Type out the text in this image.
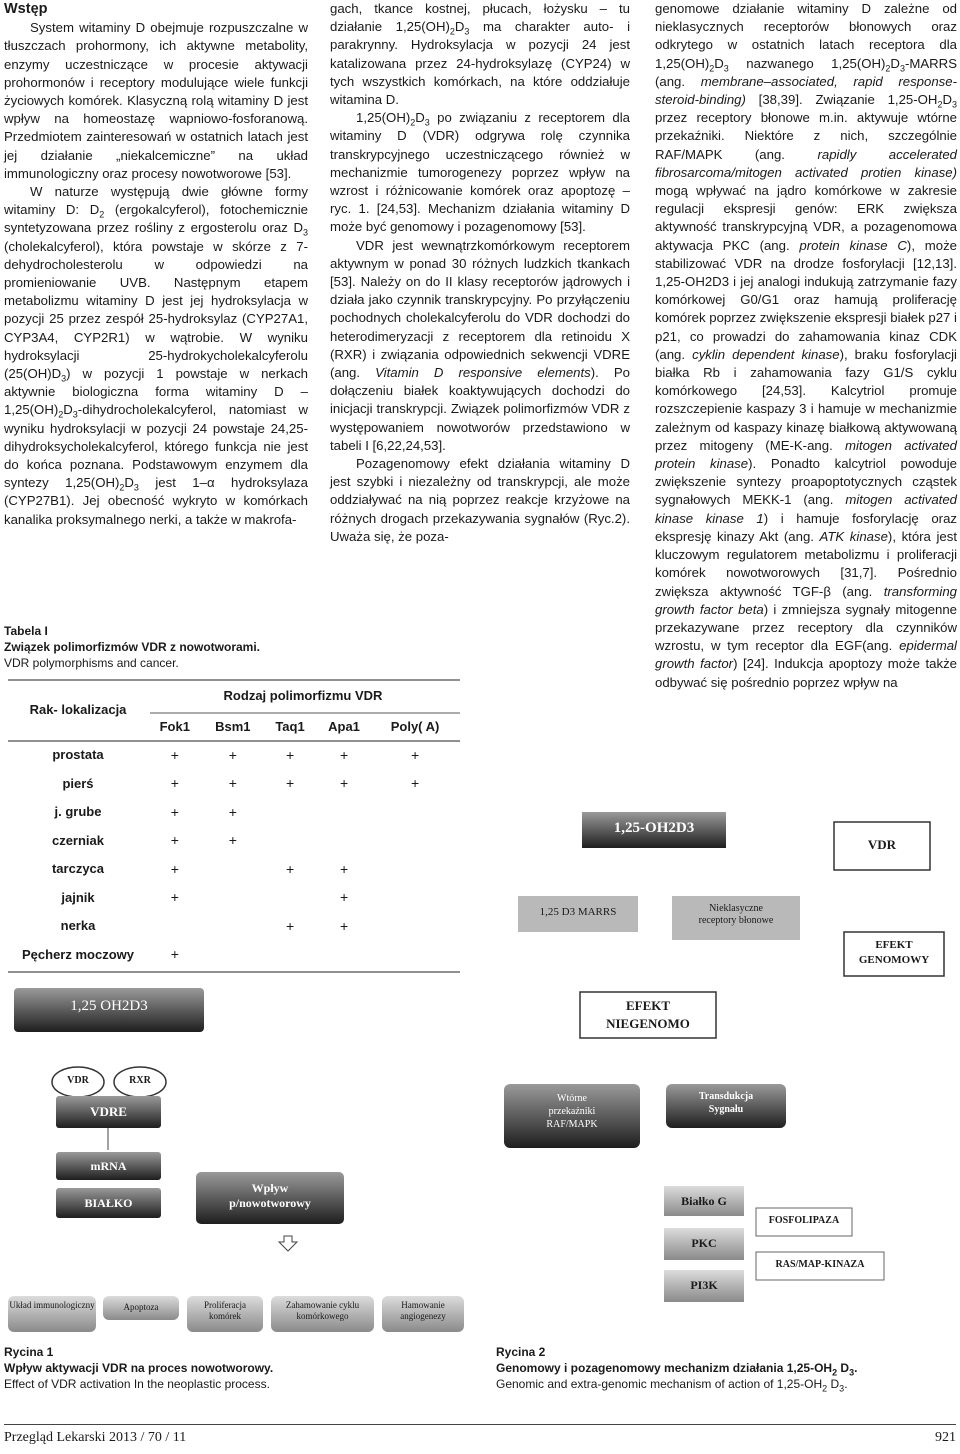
Wstęp

System witaminy D obejmuje rozpuszczalne w tłuszczach prohormony, ich aktywne metabolity, enzymy uczestniczące w procesie aktywacji prohormonów i receptory modulujące wiele funkcji życiowych komórek. Klasyczną rolą witaminy D jest wpływ na homeostazę wapniowo-fosforanową. Przedmiotem zainteresowań w ostatnich latach jest jej działanie „niekalcemiczne” na układ immunologiczny oraz procesy nowotworowe [53].

W naturze występują dwie główne formy witaminy D: $D_2$ (ergokalcyferol), fotochemicznie syntetyzowana przez rośliny z ergosterolu oraz $D_3$ (cholekalcyferol), która powstaje w skórze z 7-dehydrocholesterolu w odpowiedzi na promieniowanie UVB. Następnym etapem metabolizmu witaminy D jest jej hydroksylacja w pozycji 25 przez zespół 25-hydroksylaz (CYP27A1, CYP3A4, CYP2R1) w wątrobie. W wyniku hydroksylacji 25-hydrokycholekalcyferolu $(25(OH)D_3)$ w pozycji 1 powstaje w nerkach aktywnie biologiczna forma witaminy D – $1,25(OH)_2D_3$-dihydrocholekalcyferol, natomiast w wyniku hydroksylacji w pozycji 24 powstaje 24,25-dihydroksycholekalcyferol, którego funkcja nie jest do końca poznana. Podstawowym enzymem dla syntezy $1,25(OH)_2D_3$ jest 1–α hydroksylaza (CYP27B1). Jej obecność wykryto w komórkach kanalika proksymalnego nerki, a także w makrofa-

gach, tkance kostnej, płucach, łożysku – tu działanie $1,25(OH)_2D_3$ ma charakter auto- i parakrynny. Hydroksylacja w pozycji 24 jest katalizowana przez 24-hydroksylazę (CYP24) w tych wszystkich komórkach, na które oddziałuje witamina D.

$1,25(OH)_2D_3$ po związaniu z receptorem dla witaminy D (VDR) odgrywa rolę czynnika transkrypcyjnego uczestniczącego również w mechanizmie tumorogenezy poprzez wpływ na wzrost i różnicowanie komórek oraz apoptozę – ryc. 1. [24,53]. Mechanizm działania witaminy D może być genomowy i pozagenomowy [53].

VDR jest wewnątrzkomórkowym receptorem aktywnym w ponad 30 różnych ludzkich tkankach [53]. Należy on do II klasy receptorów jądrowych i działa jako czynnik transkrypcyjny. Po przyłączeniu pochodnych cholekalcyferolu do VDR dochodzi do heterodimeryzacji z receptorem dla retinoidu X (RXR) i związania odpowiednich sekwencji VDRE (ang. Vitamin D responsive elements). Po dołączeniu białek koaktywujących dochodzi do inicjacji transkrypcji. Związek polimorfizmów VDR z występowaniem nowotworów przedstawiono w tabeli I [6,22,24,53].

Pozagenomowy efekt działania witaminy D jest szybki i niezależny od transkrypcji, ale może oddziaływać na nią poprzez reakcje krzyżowe na różnych drogach przekazywania sygnałów (Ryc.2). Uważa się, że poza-

genomowe działanie witaminy D zależne od nieklasycznych receptorów błonowych oraz odkrytego w ostatnich latach receptora dla $1,25(OH)_2D_3$ nazwanego $1,25(OH)_2D_3$-MARRS (ang. membrane–associated, rapid response-steroid-binding) [38,39]. Związanie $1,25-OH_2D_3$ przez receptory błonowe m.in. aktywuje wtórne przekaźniki. Niektóre z nich, szczególnie RAF/MAPK (ang. rapidly accelerated fibrosarcoma/mitogen activated protien kinase) mogą wpływać na jądro komórkowe w zakresie regulacji ekspresji genów: ERK zwiększa aktywność transkrypcyjną VDR, a pozagenomowa aktywacja PKC (ang. protein kinase C), może stabilizować VDR na drodze fosforylacji [12,13]. 1,25-OH2D3 i jej analogi indukują zatrzymanie fazy komórkowej G0/G1 oraz hamują proliferację komórek poprzez zwiększenie ekspresji białek p27 i p21, co prowadzi do zahamowania kinaz CDK (ang. cyklin dependent kinase), braku fosforylacji białka Rb i zahamowania fazy G1/S cyklu komórkowego [24,53]. Kalcytriol promuje rozszczepienie kaspazy 3 i hamuje w mechanizmie zależnym od kaspazy kinazę białkową aktywowaną przez mitogeny (ME-K-ang. mitogen activated protein kinase). Ponadto kalcytriol powoduje zwiększenie syntezy proapoptotycznych cząstek sygnałowych MEKK-1 (ang. mitogen activated kinase kinase 1) i hamuje fosforylację oraz ekspresję kinazy Akt (ang. ATK kinase), która jest kluczowym regulatorem metabolizmu i proliferacji komórek nowotworowych [31,7]. Pośrednio zwiększa aktywność TGF-β (ang. transforming growth factor beta) i zmniejsza sygnały mitogenne przekazywane przez receptory dla czynników wzrostu, w tym receptor dla EGF(ang. epidermal growth factor) [24]. Indukcja apoptozy może także odbywać się pośrednio poprzez wpływ na

Tabela I
Związek polimorfizmów VDR z nowotworami.
VDR polymorphisms and cancer.
Rak- lokalizacja	Rodzaj polimorfizmu VDR				
	Fok1	Bsm1	Taq1	Apa1	Poly( A)
prostata	+	+	+	+	+
pierś	+	+	+	+	+
j. grube	+	+			
czerniak	+	+			
tarczyca	+		+	+	
jajnik	+			+	
nerka			+	+	
Pęcherz moczowy	+				
1,25 OH2D3
VDR	RXR
VDRE
mRNA
BIAŁKO
Wpływ
p/nowotworowy
Układ immunologiczny	Apoptoza	Proliferacja komórek
Zahamowanie cyklu komórkowego
Hamowanie angiogenezy
Rycina 1
Wpływ aktywacji VDR na proces nowotworowy.
Effect of VDR activation In the neoplastic process.
1,25-OH2D3
VDR
1,25 D3 MARRS	Nieklasyczne
receptory błonowe
EFEKT
GENOMOWY
EFEKT
NIEGENOMO
Wtórne
przekaźniki
RAF/MAPK
Transdukcja
Sygnału
Białko G
PKC
PI3K
FOSFOLIPAZA
RAS/MAP-KINAZA
Rycina 2
Genomowy i pozagenomowy mechanizm działania $1,25-OH_2$ $D_3$.
Genomic and extra-genomic mechanism of action of $1,25-OH_2$ $D_3$.
Przegląd Lekarski 2013 / 70 / 11	921
